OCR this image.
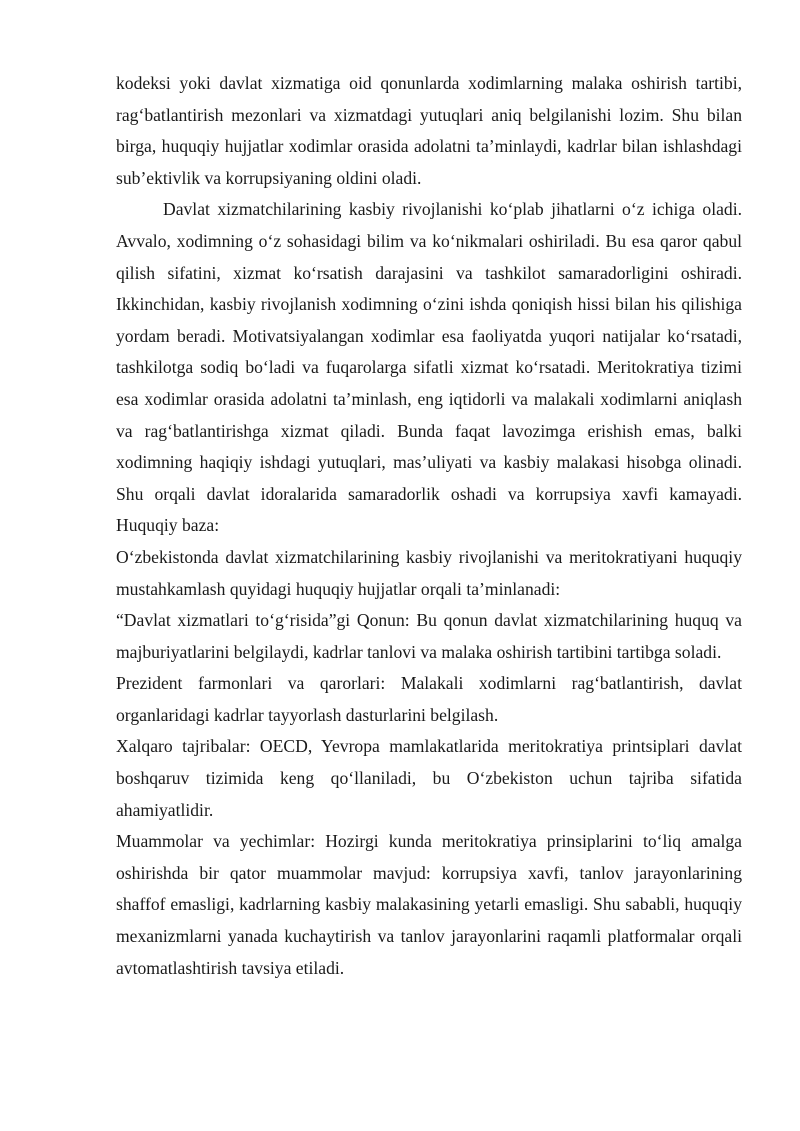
kodeksi yoki davlat xizmatiga oid qonunlarda xodimlarning malaka oshirish tartibi, rag‘batlantirish mezonlari va xizmatdagi yutuqlari aniq belgilanishi lozim. Shu bilan birga, huquqiy hujjatlar xodimlar orasida adolatni ta’minlaydi, kadrlar bilan ishlashdagi sub’ektivlik va korrupsiyaning oldini oladi.

Davlat xizmatchilarining kasbiy rivojlanishi ko‘plab jihatlarni o‘z ichiga oladi. Avvalo, xodimning o‘z sohasidagi bilim va ko‘nikmalari oshiriladi. Bu esa qaror qabul qilish sifatini, xizmat ko‘rsatish darajasini va tashkilot samaradorligini oshiradi. Ikkinchidan, kasbiy rivojlanish xodimning o‘zini ishda qoniqish hissi bilan his qilishiga yordam beradi. Motivatsiyalangan xodimlar esa faoliyatda yuqori natijalar ko‘rsatadi, tashkilotga sodiq bo‘ladi va fuqarolarga sifatli xizmat ko‘rsatadi. Meritokratiya tizimi esa xodimlar orasida adolatni ta’minlash, eng iqtidorli va malakali xodimlarni aniqlash va rag‘batlantirishga xizmat qiladi. Bunda faqat lavozimga erishish emas, balki xodimning haqiqiy ishdagi yutuqlari, mas’uliyati va kasbiy malakasi hisobga olinadi. Shu orqali davlat idoralarida samaradorlik oshadi va korrupsiya xavfi kamayadi. Huquqiy baza:

O‘zbekistonda davlat xizmatchilarining kasbiy rivojlanishi va meritokratiyani huquqiy mustahkamlash quyidagi huquqiy hujjatlar orqali ta’minlanadi:

“Davlat xizmatlari to‘g‘risida”gi Qonun: Bu qonun davlat xizmatchilarining huquq va majburiyatlarini belgilaydi, kadrlar tanlovi va malaka oshirish tartibini tartibga soladi.

Prezident farmonlari va qarorlari: Malakali xodimlarni rag‘batlantirish, davlat organlaridagi kadrlar tayyorlash dasturlarini belgilash.

Xalqaro tajribalar: OECD, Yevropa mamlakatlarida meritokratiya printsiplari davlat boshqaruv tizimida keng qo‘llaniladi, bu O‘zbekiston uchun tajriba sifatida ahamiyatlidir.

Muammolar va yechimlar: Hozirgi kunda meritokratiya prinsiplarini to‘liq amalga oshirishda bir qator muammolar mavjud: korrupsiya xavfi, tanlov jarayonlarining shaffof emasligi, kadrlarning kasbiy malakasining yetarli emasligi. Shu sababli, huquqiy mexanizmlarni yanada kuchaytirish va tanlov jarayonlarini raqamli platformalar orqali avtomatlashtirish tavsiya etiladi.
